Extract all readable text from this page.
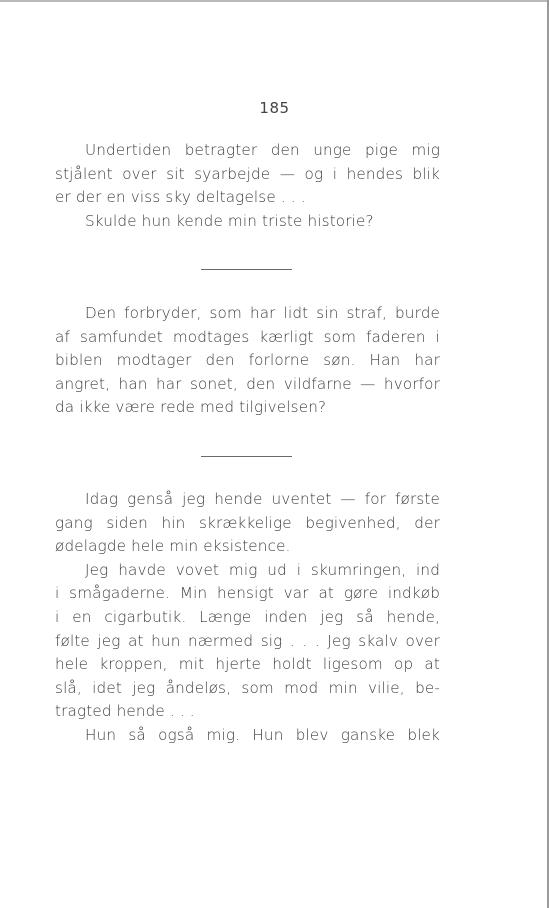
185
Undertiden betragter den unge pige mig
stjålent over sit syarbejde — og i hendes blik
er der en viss sky deltagelse . . .
Skulde hun kende min triste historie?
Den forbryder, som har lidt sin straf, burde
af samfundet modtages kærligt som faderen i
biblen modtager den forlorne søn. Han har
angret, han har sonet, den vildfarne — hvorfor
da ikke være rede med tilgivelsen?
Idag genså jeg hende uventet — for første
gang siden hin skrækkelige begivenhed, der
ødelagde hele min eksistence.
Jeg havde vovet mig ud i skumringen, ind
i smågaderne. Min hensigt var at gøre indkøb
i en cigarbutik. Længe inden jeg så hende,
følte jeg at hun nærmed sig . . . Jeg skalv over
hele kroppen, mit hjerte holdt ligesom op at
slå, idet jeg åndeløs, som mod min vilie, be-
tragted hende . . .
Hun så også mig. Hun blev ganske blek
